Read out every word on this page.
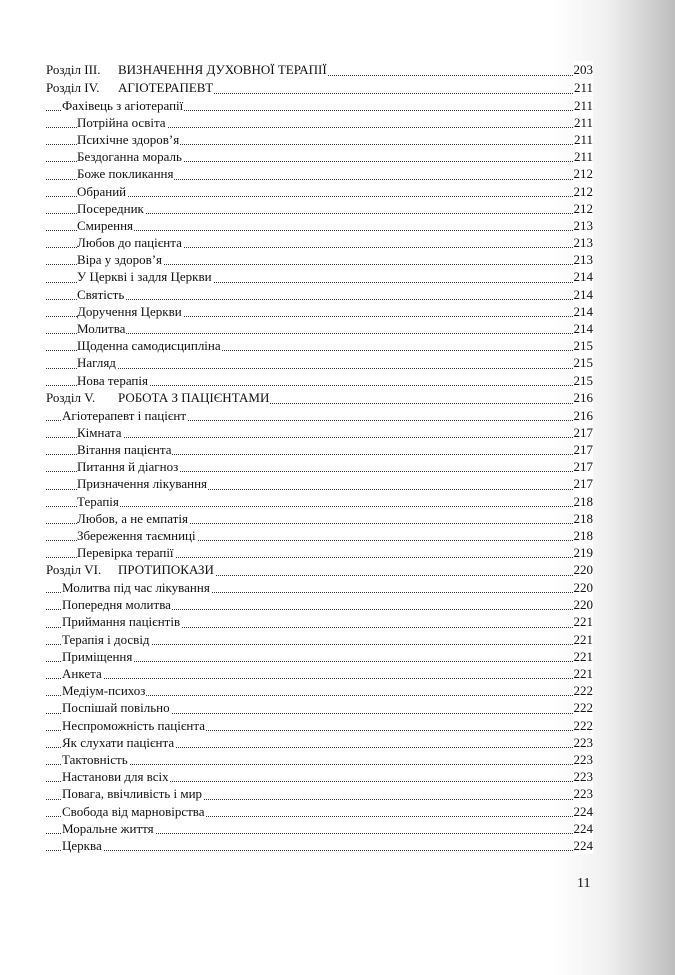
Розділ III. ВИЗНАЧЕННЯ ДУХОВНОЇ ТЕРАПІЇ	203
Розділ IV. АГІОТЕРАПЕВТ	211
Фахівець з агіотерапії	211
Потрійна освіта	211
Психічне здоров’я	211
Бездоганна мораль	211
Боже покликання	212
Обраний	212
Посередник	212
Смирення	213
Любов до пацієнта	213
Віра у здоров’я	213
У Церкві і задля Церкви	214
Святість	214
Доручення Церкви	214
Молитва	214
Щоденна самодисципліна	215
Нагляд	215
Нова терапія	215
Розділ V. РОБОТА З ПАЦІЄНТАМИ	216
Агіотерапевт і пацієнт	216
Кімната	217
Вітання пацієнта	217
Питання й діагноз	217
Призначення лікування	217
Терапія	218
Любов, а не емпатія	218
Збереження таємниці	218
Перевірка терапії	219
Розділ VI. ПРОТИПОКАЗИ	220
Молитва під час лікування	220
Попередня молитва	220
Приймання пацієнтів	221
Терапія і досвід	221
Приміщення	221
Анкета	221
Медіум-психоз	222
Поспішай повільно	222
Неспроможність пацієнта	222
Як слухати пацієнта	223
Тактовність	223
Настанови для всіх	223
Повага, ввічливість і мир	223
Свобода від марновірства	224
Моральне життя	224
Церква	224
11
